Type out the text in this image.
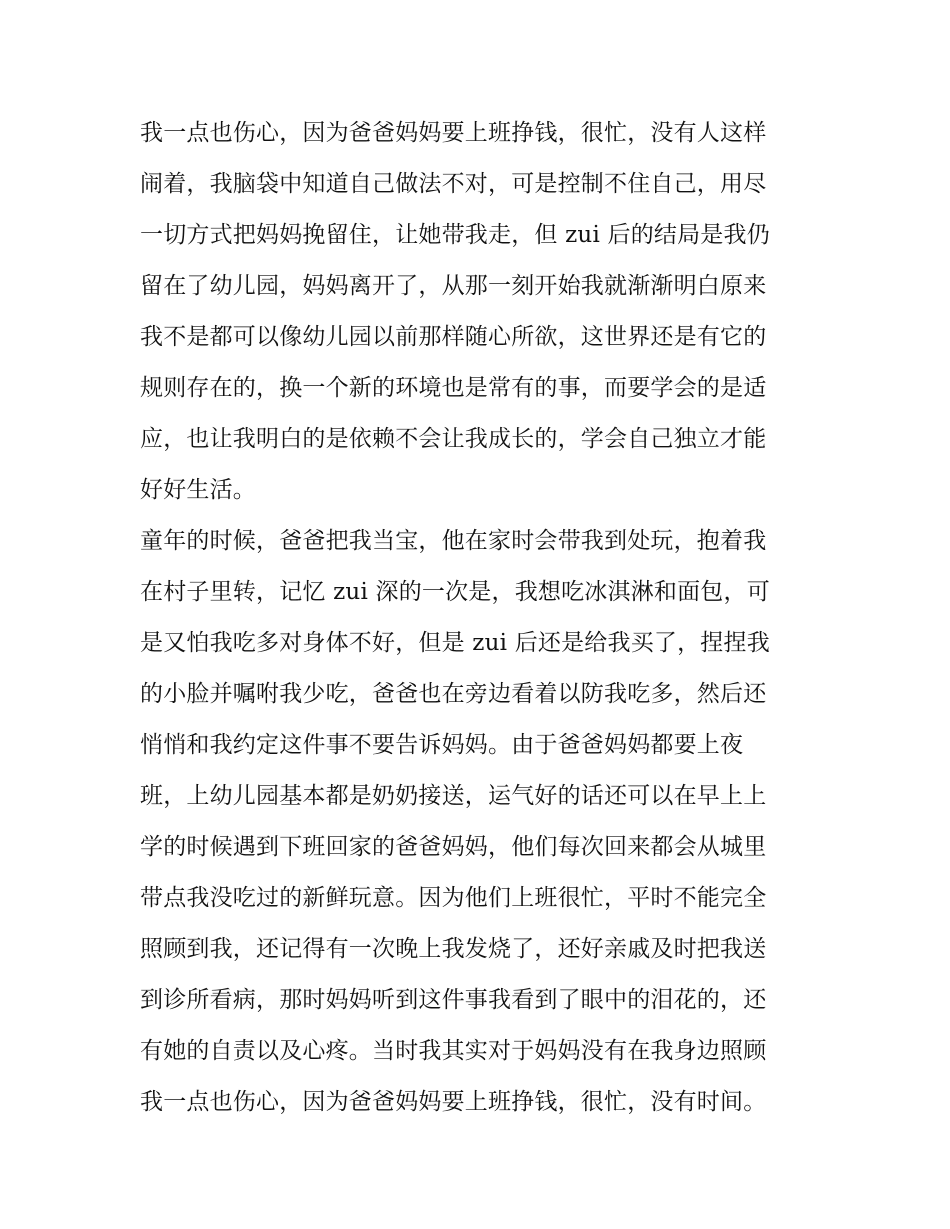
我一点也伤心，因为爸爸妈妈要上班挣钱，很忙，没有人这样
闹着，我脑袋中知道自己做法不对，可是控制不住自己，用尽
一切方式把妈妈挽留住，让她带我走，但 zui 后的结局是我仍
留在了幼儿园，妈妈离开了，从那一刻开始我就渐渐明白原来
我不是都可以像幼儿园以前那样随心所欲，这世界还是有它的
规则存在的，换一个新的环境也是常有的事，而要学会的是适
应，也让我明白的是依赖不会让我成长的，学会自己独立才能
好好生活。
童年的时候，爸爸把我当宝，他在家时会带我到处玩，抱着我
在村子里转，记忆 zui 深的一次是，我想吃冰淇淋和面包，可
是又怕我吃多对身体不好，但是 zui 后还是给我买了，捏捏我
的小脸并嘱咐我少吃，爸爸也在旁边看着以防我吃多，然后还
悄悄和我约定这件事不要告诉妈妈。由于爸爸妈妈都要上夜
班，上幼儿园基本都是奶奶接送，运气好的话还可以在早上上
学的时候遇到下班回家的爸爸妈妈，他们每次回来都会从城里
带点我没吃过的新鲜玩意。因为他们上班很忙，平时不能完全
照顾到我，还记得有一次晚上我发烧了，还好亲戚及时把我送
到诊所看病，那时妈妈听到这件事我看到了眼中的泪花的，还
有她的自责以及心疼。当时我其实对于妈妈没有在我身边照顾
我一点也伤心，因为爸爸妈妈要上班挣钱，很忙，没有时间。
